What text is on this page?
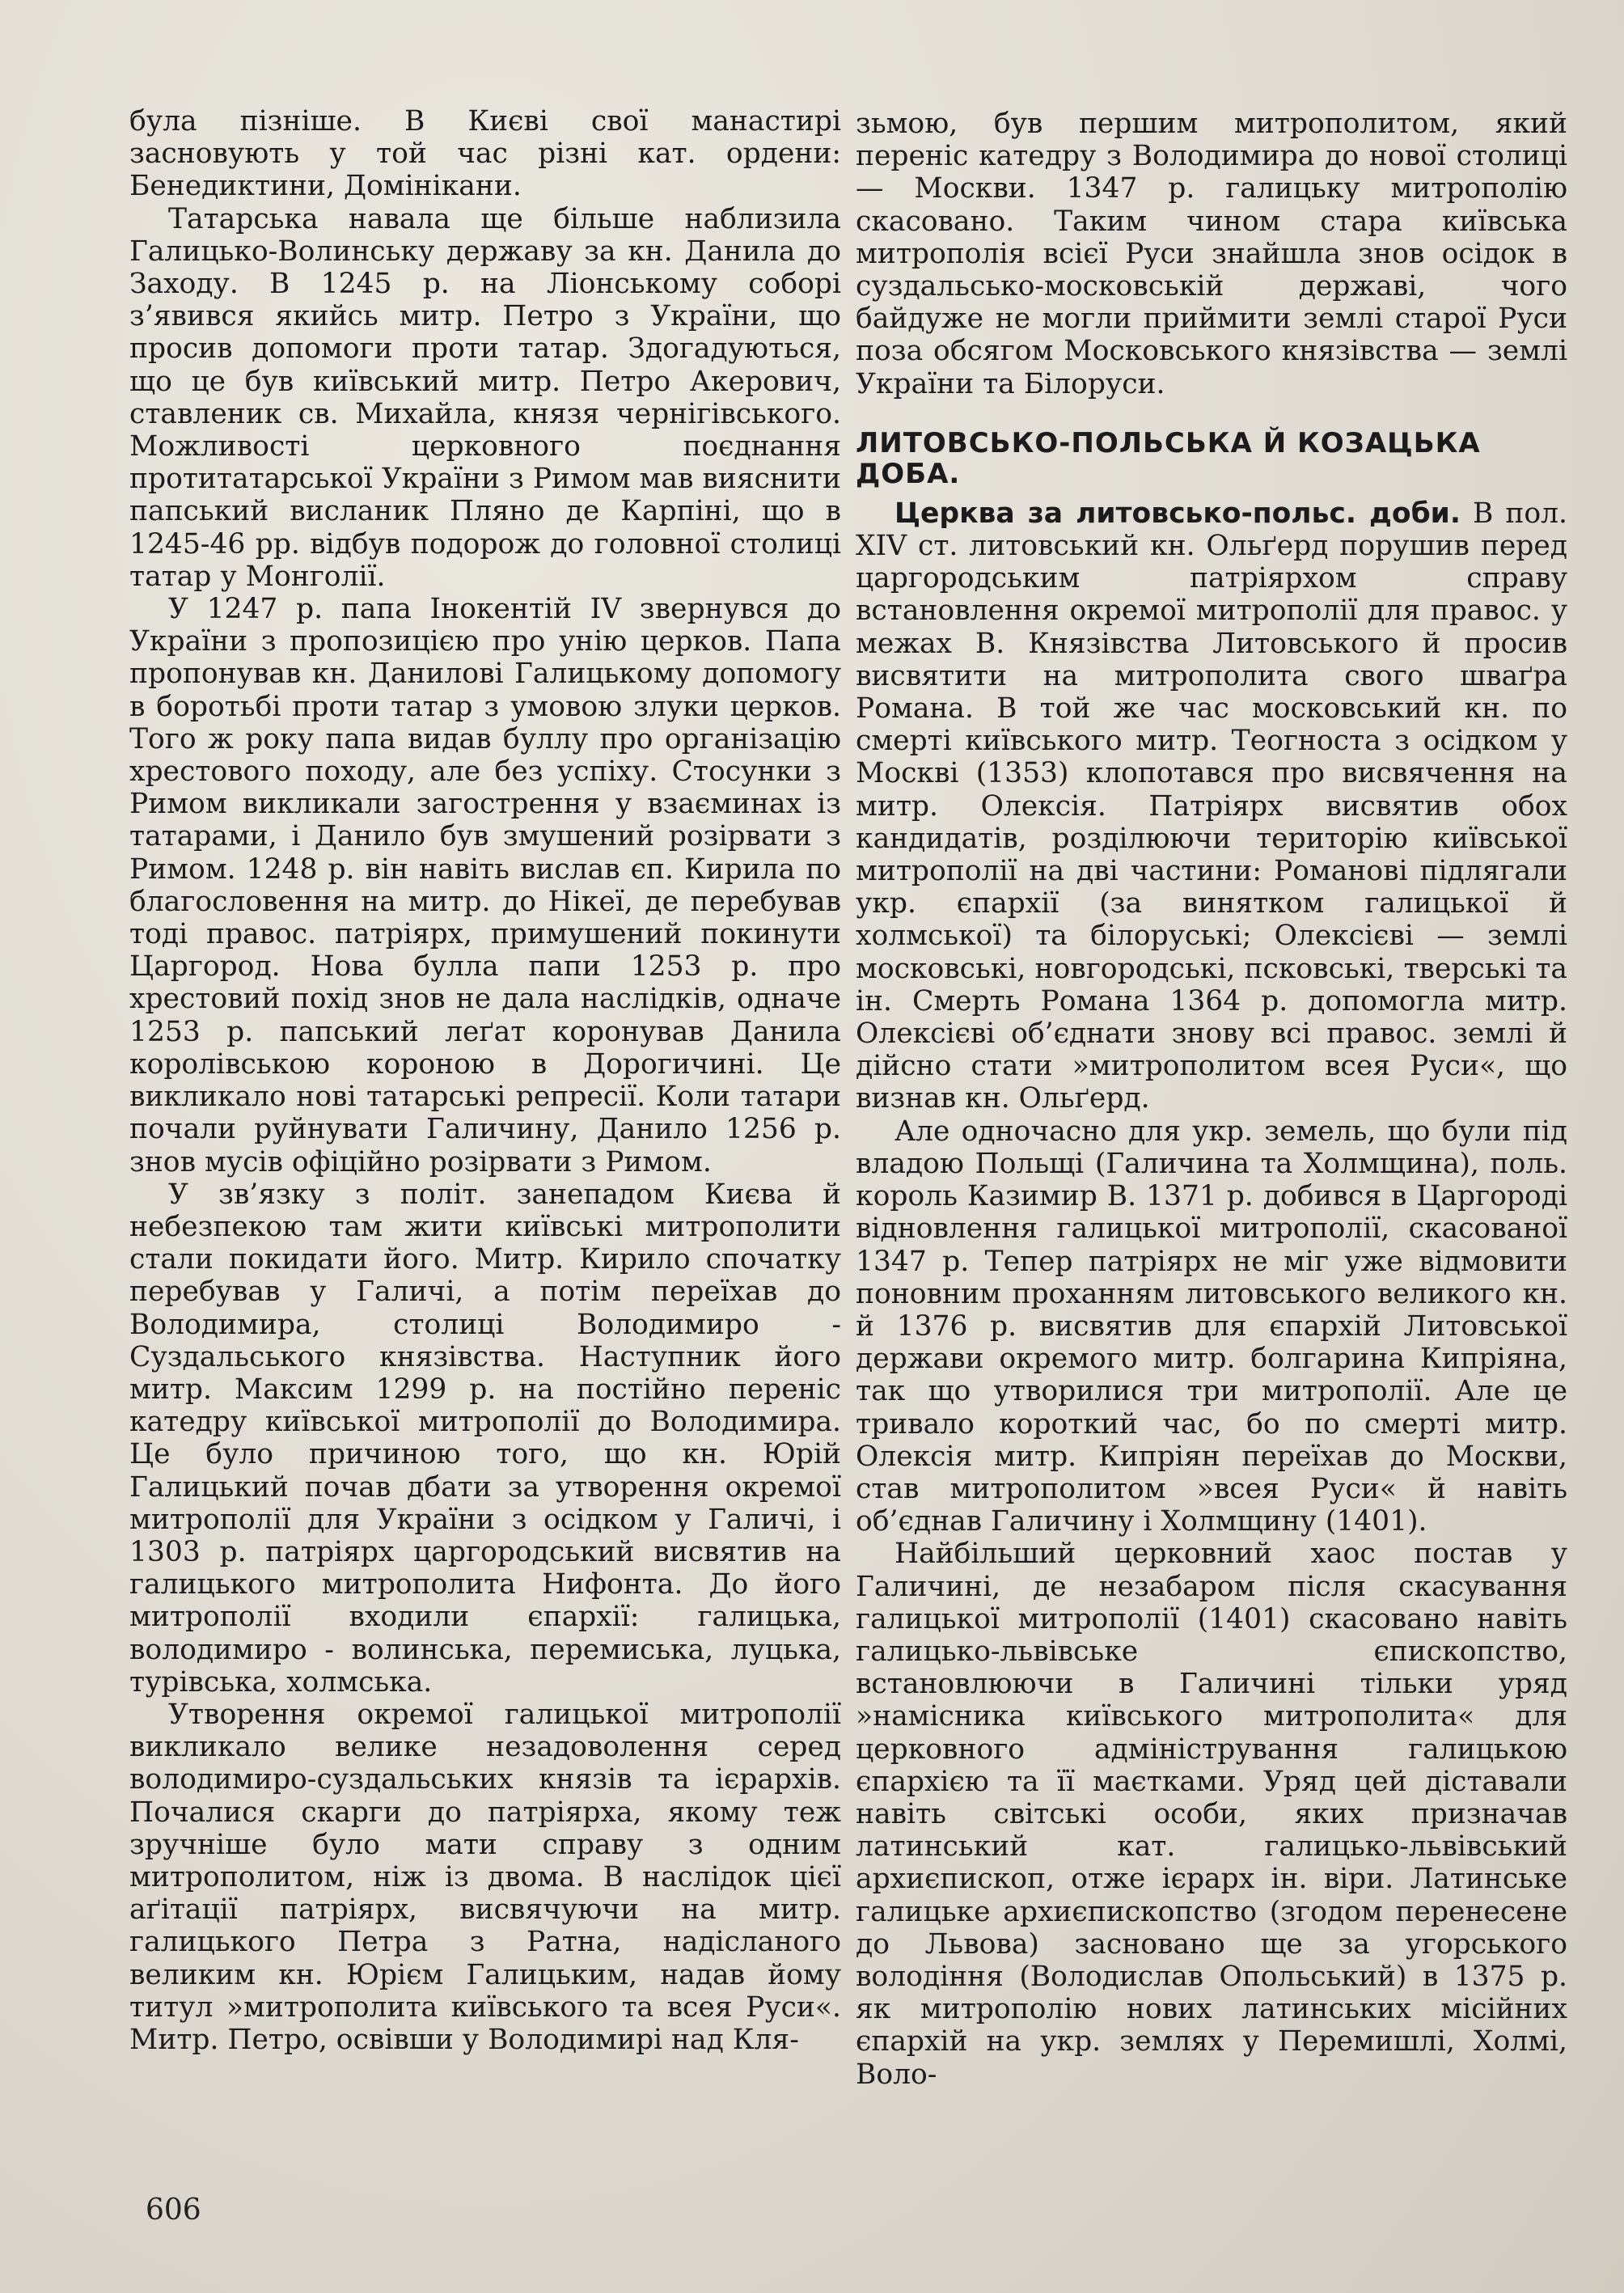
була пізніше. В Києві свої манастирі засновують у той час різні кат. ордени: Бенедиктини, Домінікани.

Татарська навала ще більше наблизила Галицько-Волинську державу за кн. Данила до Заходу. В 1245 р. на Ліонському соборі з’явився якийсь митр. Петро з України, що просив допомоги проти татар. Здогадуються, що це був київський митр. Петро Акерович, ставленик св. Михайла, князя чернігівського. Можливості церковного поєднання протитатарської України з Римом мав вияснити папський висланик Пляно де Карпіні, що в 1245-46 рр. відбув подорож до головної столиці татар у Монголії.

У 1247 р. папа Інокентій IV звернувся до України з пропозицією про унію церков. Папа пропонував кн. Данилові Галицькому допомогу в боротьбі проти татар з умовою злуки церков. Того ж року папа видав буллу про організацію хрестового походу, але без успіху. Стосунки з Римом викликали загострення у взаєминах із татарами, і Данило був змушений розірвати з Римом. 1248 р. він навіть вислав єп. Кирила по благословення на митр. до Нікеї, де перебував тоді правос. патріярх, примушений покинути Царгород. Нова булла папи 1253 р. про хрестовий похід знов не дала наслідків, одначе 1253 р. папський леґат коронував Данила королівською короною в Дорогичині. Це викликало нові татарські репресії. Коли татари почали руйнувати Галичину, Данило 1256 р. знов мусів офіційно розірвати з Римом.

У зв’язку з політ. занепадом Києва й небезпекою там жити київські митрополити стали покидати його. Митр. Кирило спочатку перебував у Галичі, а потім переїхав до Володимира, столиці Володимиро - Суздальського князівства. Наступник його митр. Максим 1299 р. на постійно переніс катедру київської митрополії до Володимира. Це було причиною того, що кн. Юрій Галицький почав дбати за утворення окремої митрополії для України з осідком у Галичі, і 1303 р. патріярх царгородський висвятив на галицького митрополита Нифонта. До його митрополії входили єпархії: галицька, володимиро - волинська, перемиська, луцька, турівська, холмська.

Утворення окремої галицької митрополії викликало велике незадоволення серед володимиро-суздальських князів та ієрархів. Почалися скарги до патріярха, якому теж зручніше було мати справу з одним митрополитом, ніж із двома. В наслідок цієї аґітації патріярх, висвячуючи на митр. галицького Петра з Ратна, надісланого великим кн. Юрієм Галицьким, надав йому титул »митрополита київського та всея Руси«. Митр. Петро, освівши у Володимирі над Кля-

зьмою, був першим митрополитом, який переніс катедру з Володимира до нової столиці — Москви. 1347 р. галицьку митрополію скасовано. Таким чином стара київська митрополія всієї Руси знайшла знов осідок в суздальсько-московській державі, чого байдуже не могли приймити землі старої Руси поза обсягом Московського князівства — землі України та Білоруси.

ЛИТОВСЬКО-ПОЛЬСЬКА Й КОЗАЦЬКА ДОБА.

Церква за литовсько-польс. доби. В пол. XIV ст. литовський кн. Ольґерд порушив перед царгородським патріярхом справу встановлення окремої митрополії для правос. у межах В. Князівства Литовського й просив висвятити на митрополита свого шваґра Романа. В той же час московський кн. по смерті київського митр. Теогноста з осідком у Москві (1353) клопотався про висвячення на митр. Олексія. Патріярх висвятив обох кандидатів, розділюючи територію київської митрополії на дві частини: Романові підлягали укр. єпархії (за винятком галицької й холмської) та білоруські; Олексієві — землі московські, новгородські, псковські, тверські та ін. Смерть Романа 1364 р. допомогла митр. Олексієві об’єднати знову всі правос. землі й дійсно стати »митрополитом всея Руси«, що визнав кн. Ольґерд.

Але одночасно для укр. земель, що були під владою Польщі (Галичина та Холмщина), поль. король Казимир В. 1371 р. добився в Царгороді відновлення галицької митрополії, скасованої 1347 р. Тепер патріярх не міг уже відмовити поновним проханням литовського великого кн. й 1376 р. висвятив для єпархій Литовської держави окремого митр. болгарина Кипріяна, так що утворилися три митрополії. Але це тривало короткий час, бо по смерті митр. Олексія митр. Кипріян переїхав до Москви, став митрополитом »всея Руси« й навіть об’єднав Галичину і Холмщину (1401).

Найбільший церковний хаос постав у Галичині, де незабаром після скасування галицької митрополії (1401) скасовано навіть галицько-львівське єпископство, встановлюючи в Галичині тільки уряд »намісника київського митрополита« для церковного адміністрування галицькою єпархією та її маєтками. Уряд цей діставали навіть світські особи, яких призначав латинський кат. галицько-львівський архиєпископ, отже ієрарх ін. віри. Латинське галицьке архиєпископство (згодом перенесене до Львова) засновано ще за угорського володіння (Володислав Опольський) в 1375 р. як митрополію нових латинських місійних єпархій на укр. землях у Перемишлі, Холмі, Воло-

606
